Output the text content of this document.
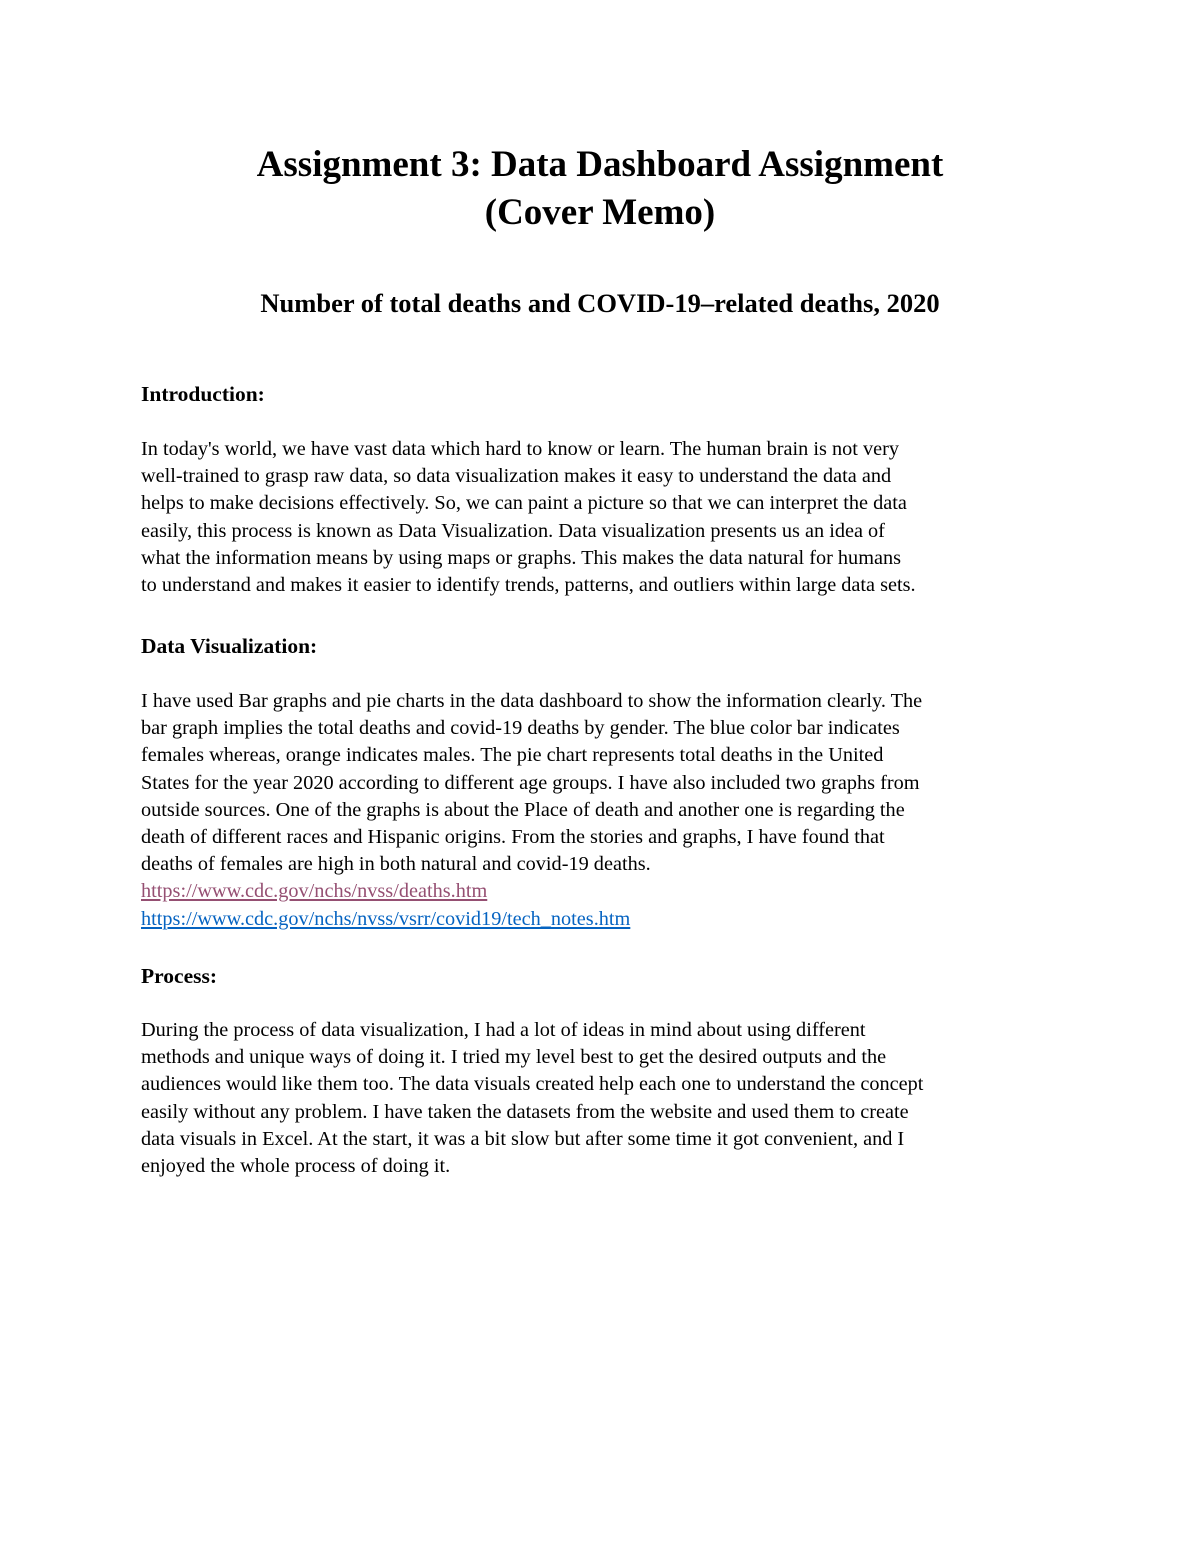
Assignment 3: Data Dashboard Assignment
(Cover Memo)
Number of total deaths and COVID-19–related deaths, 2020
Introduction:
In today's world, we have vast data which hard to know or learn. The human brain is not very
well-trained to grasp raw data, so data visualization makes it easy to understand the data and
helps to make decisions effectively. So, we can paint a picture so that we can interpret the data
easily, this process is known as Data Visualization. Data visualization presents us an idea of
what the information means by using maps or graphs. This makes the data natural for humans
to understand and makes it easier to identify trends, patterns, and outliers within large data sets.
Data Visualization:
I have used Bar graphs and pie charts in the data dashboard to show the information clearly. The
bar graph implies the total deaths and covid-19 deaths by gender. The blue color bar indicates
females whereas, orange indicates males. The pie chart represents total deaths in the United
States for the year 2020 according to different age groups. I have also included two graphs from
outside sources. One of the graphs is about the Place of death and another one is regarding the
death of different races and Hispanic origins. From the stories and graphs, I have found that
deaths of females are high in both natural and covid-19 deaths.
https://www.cdc.gov/nchs/nvss/deaths.htm
https://www.cdc.gov/nchs/nvss/vsrr/covid19/tech_notes.htm
Process:
During the process of data visualization, I had a lot of ideas in mind about using different
methods and unique ways of doing it. I tried my level best to get the desired outputs and the
audiences would like them too. The data visuals created help each one to understand the concept
easily without any problem. I have taken the datasets from the website and used them to create
data visuals in Excel. At the start, it was a bit slow but after some time it got convenient, and I
enjoyed the whole process of doing it.
